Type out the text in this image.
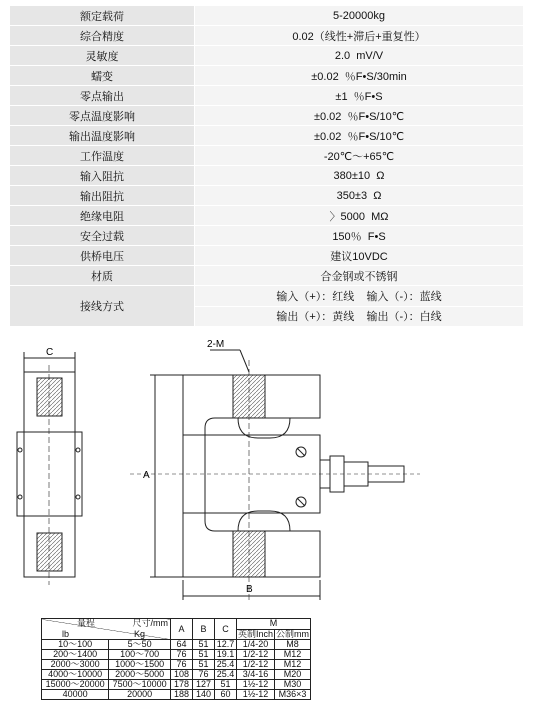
额定载荷	5-20000kg
综合精度	0.02（线性+滞后+重复性）
灵敏度	2.0  mV/V
蠕变	±0.02  ％F•S/30min
零点输出	±1  ％F•S
零点温度影响	±0.02  ％F•S/10℃
输出温度影响	±0.02  ％F•S/10℃
工作温度	-20℃～+65℃
输入阻抗	380±10  Ω
输出阻抗	350±3  Ω
绝缘电阻	〉5000  MΩ
安全过载	150％  F•S
供桥电压	建议10VDC
材质	合金钢或不锈钢
接线方式	输入（+）：红线    输入（-）：蓝线
	输出（+）：黄线    输出（-）：白线
C
A
B
2-M
量程 尺寸/mm
lb Kg		A	B	C	M	
					英制Inch	公制mm
10～100	5～50	64	51	12.7	1/4-20	M8
200～1400	100～700	76	51	19.1	1/2-12	M12
2000～3000	1000～1500	76	51	25.4	1/2-12	M12
4000～10000	2000～5000	108	76	25.4	3/4-16	M20
15000～20000	7500～10000	178	127	51	1½-12	M30
40000	20000	188	140	60	1½-12	M36×3
